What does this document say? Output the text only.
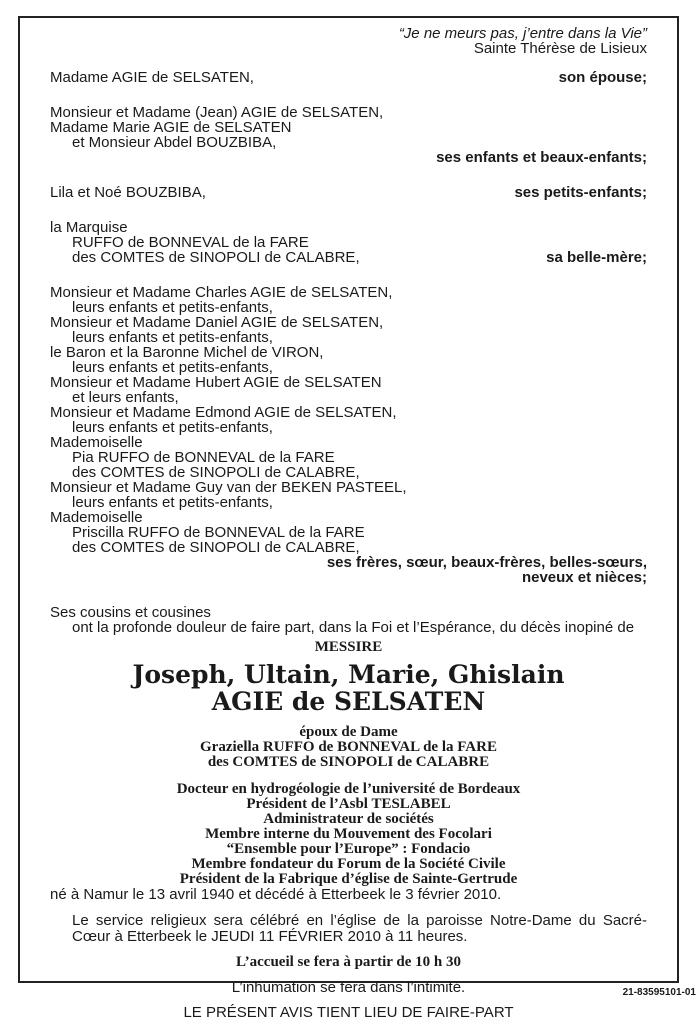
“Je ne meurs pas, j’entre dans la Vie”
Sainte Thérèse de Lisieux
Madame AGIE de SELSATEN,	son épouse;
Monsieur et Madame (Jean) AGIE de SELSATEN,
Madame Marie AGIE de SELSATEN
et Monsieur Abdel BOUZBIBA,
ses enfants et beaux-enfants;
Lila et Noé BOUZBIBA,	ses petits-enfants;
la Marquise
RUFFO de BONNEVAL de la FARE
des COMTES de SINOPOLI de CALABRE,	sa belle-mère;
Monsieur et Madame Charles AGIE de SELSATEN,
leurs enfants et petits-enfants,
Monsieur et Madame Daniel AGIE de SELSATEN,
leurs enfants et petits-enfants,
le Baron et la Baronne Michel de VIRON,
leurs enfants et petits-enfants,
Monsieur et Madame Hubert AGIE de SELSATEN
et leurs enfants,
Monsieur et Madame Edmond AGIE de SELSATEN,
leurs enfants et petits-enfants,
Mademoiselle
Pia RUFFO de BONNEVAL de la FARE
des COMTES de SINOPOLI de CALABRE,
Monsieur et Madame Guy van der BEKEN PASTEEL,
leurs enfants et petits-enfants,
Mademoiselle
Priscilla RUFFO de BONNEVAL de la FARE
des COMTES de SINOPOLI de CALABRE,
ses frères, sœur, beaux-frères, belles-sœurs,
neveux et nièces;
Ses cousins et cousines
ont la profonde douleur de faire part, dans la Foi et l’Espérance, du décès inopiné de
MESSIRE
Joseph, Ultain, Marie, Ghislain
AGIE de SELSATEN
époux de Dame
Graziella RUFFO de BONNEVAL de la FARE
des COMTES de SINOPOLI de CALABRE
Docteur en hydrogéologie de l’université de Bordeaux
Président de l’Asbl TESLABEL
Administrateur de sociétés
Membre interne du Mouvement des Focolari
“Ensemble pour l’Europe” : Fondacio
Membre fondateur du Forum de la Société Civile
Président de la Fabrique d’église de Sainte-Gertrude
né à Namur le 13 avril 1940 et décédé à Etterbeek le 3 février 2010.
Le service religieux sera célébré en l’église de la paroisse Notre-Dame du Sacré-Cœur à Etterbeek le JEUDI 11 FÉVRIER 2010 à 11 heures.
L’accueil se fera à partir de 10 h 30
L’inhumation se fera dans l’intimité.
LE PRÉSENT AVIS TIENT LIEU DE FAIRE-PART
21-83595101-01
